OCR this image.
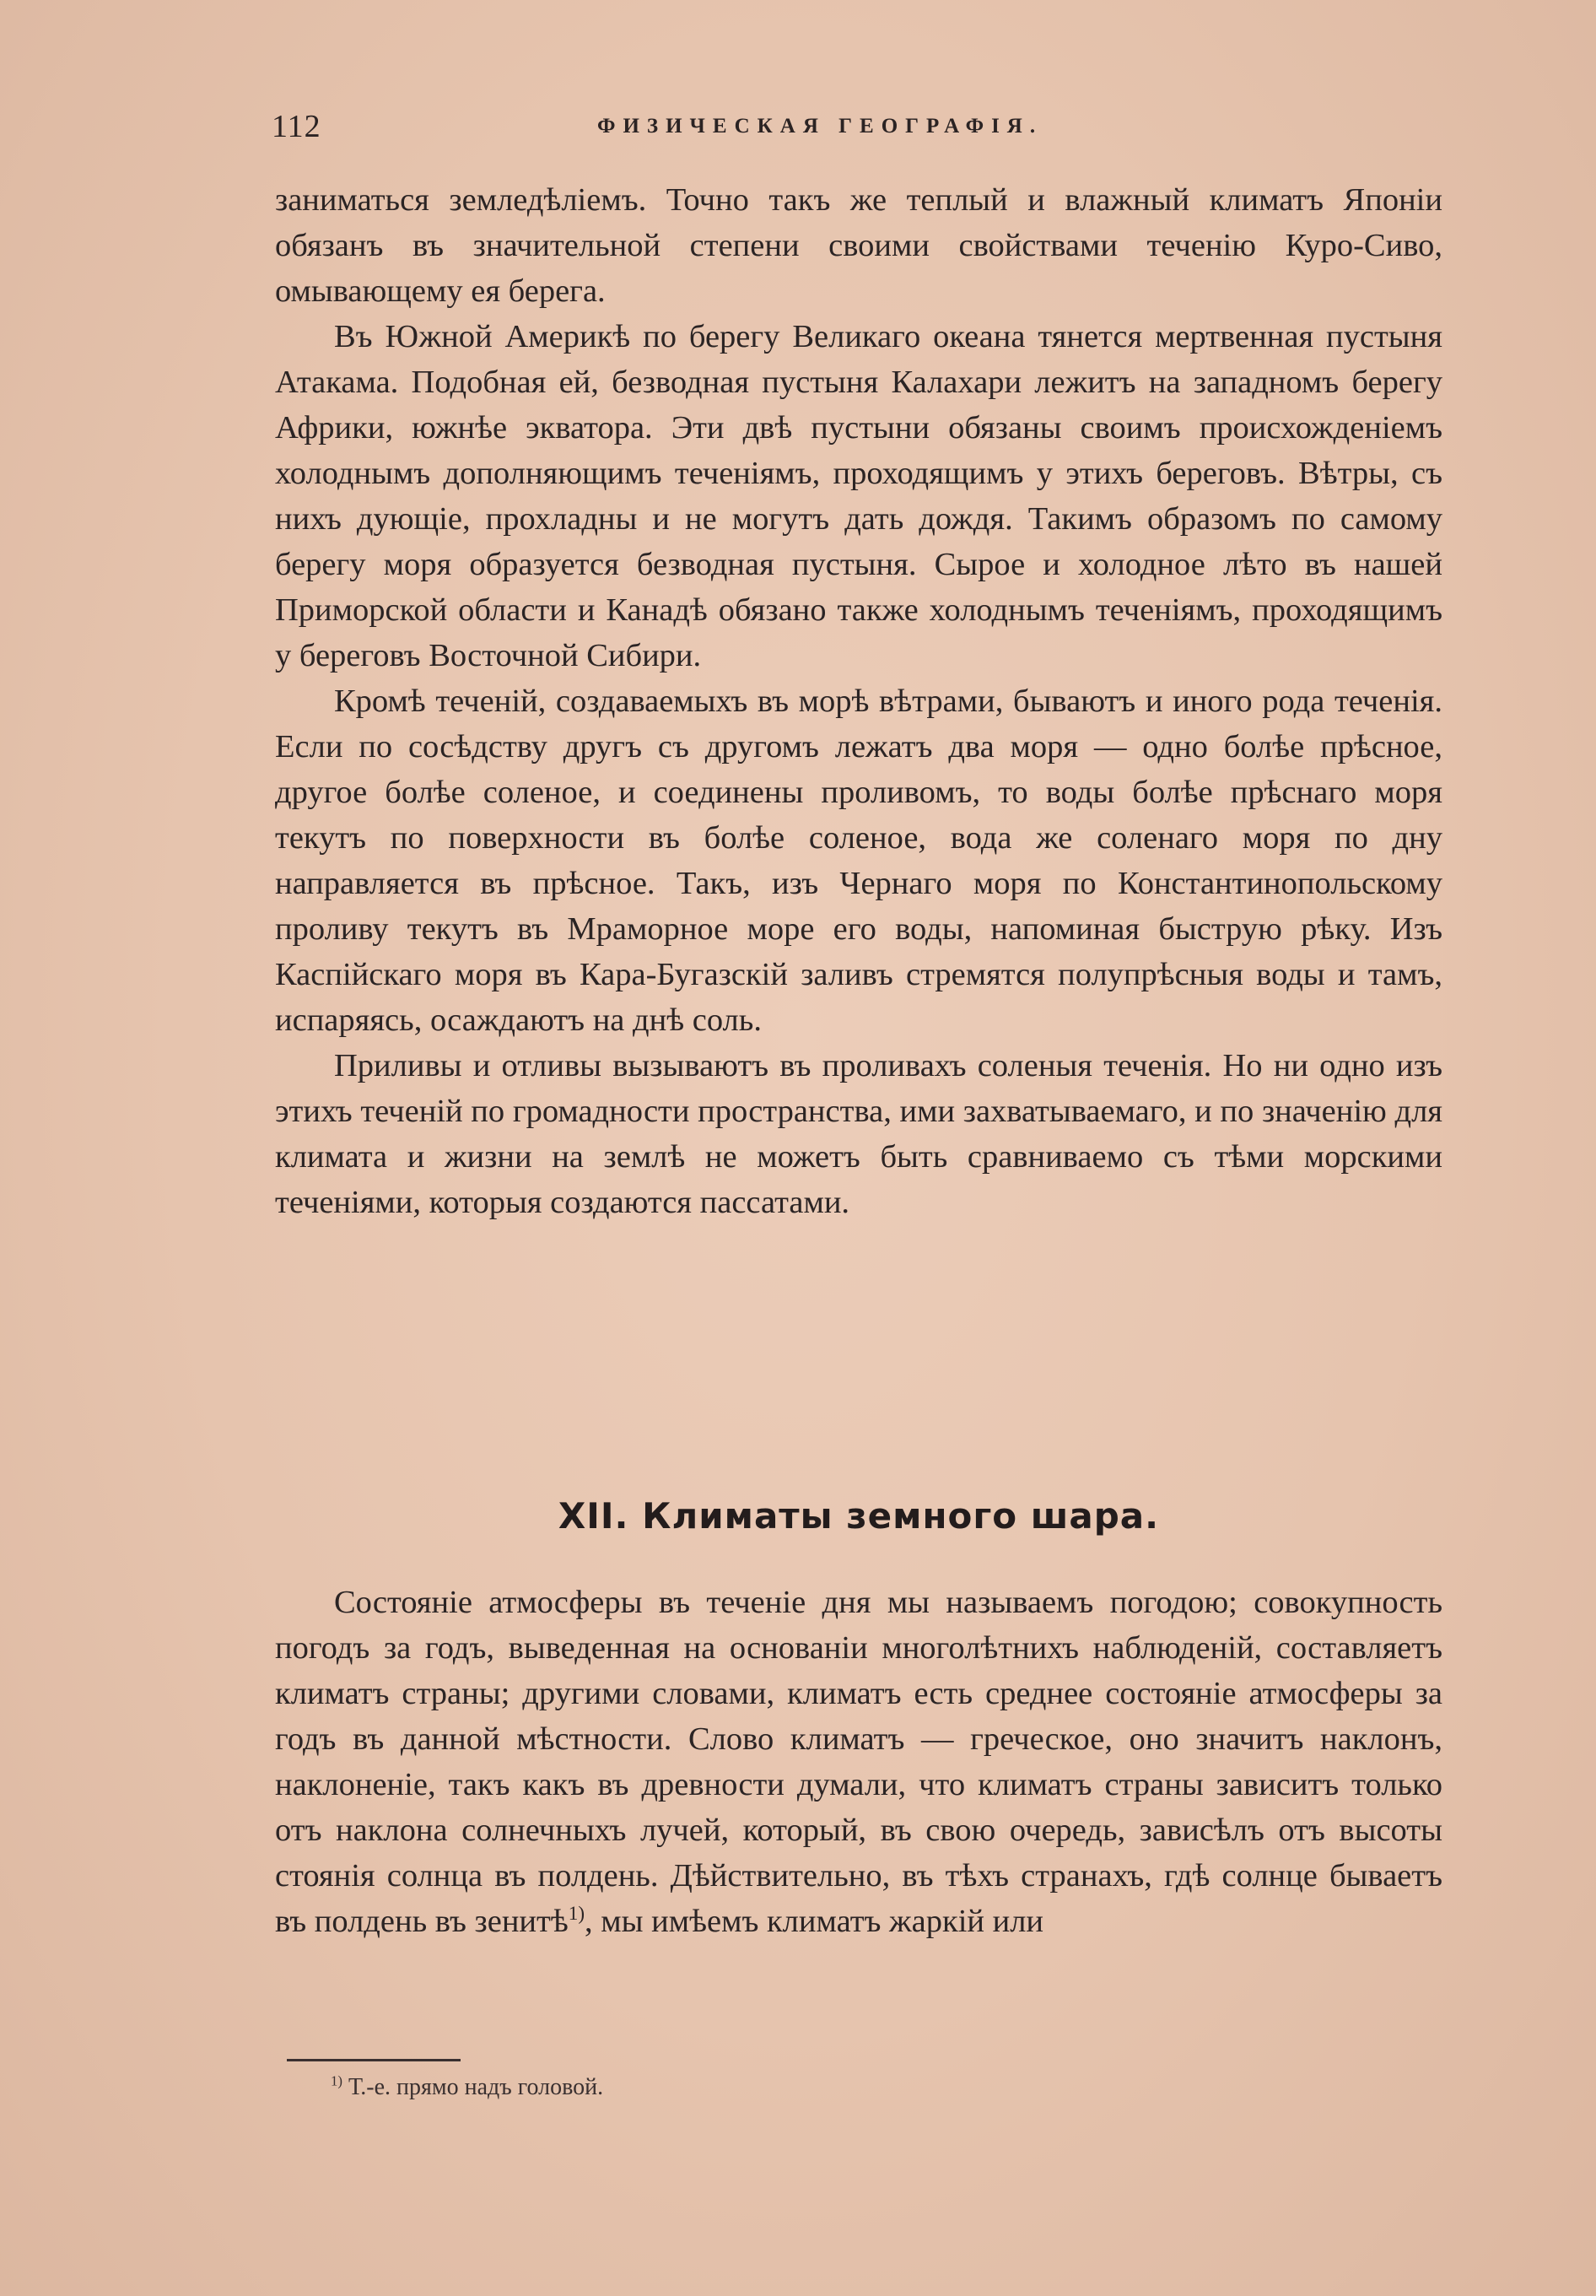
112	ФИЗИЧЕСКАЯ ГЕОГРАФІЯ.

заниматься земледѣліемъ. Точно такъ же теплый и влажный климатъ Японіи обязанъ въ значительной степени своими свойствами теченію Куро-Сиво, омывающему ея берега.

Въ Южной Америкѣ по берегу Великаго океана тянется мертвенная пустыня Атакама. Подобная ей, безводная пустыня Калахари лежитъ на западномъ берегу Африки, южнѣе экватора. Эти двѣ пустыни обязаны своимъ происхожденіемъ холоднымъ дополняющимъ теченіямъ, проходящимъ у этихъ береговъ. Вѣтры, съ нихъ дующіе, прохладны и не могутъ дать дождя. Такимъ образомъ по самому берегу моря образуется безводная пустыня. Сырое и холодное лѣто въ нашей Приморской области и Канадѣ обязано также холоднымъ теченіямъ, проходящимъ у береговъ Восточной Сибири.

Кромѣ теченій, создаваемыхъ въ морѣ вѣтрами, бываютъ и иного рода теченія. Если по сосѣдству другъ съ другомъ лежатъ два моря — одно болѣе прѣсное, другое болѣе соленое, и соединены проливомъ, то воды болѣе прѣснаго моря текутъ по поверхности въ болѣе соленое, вода же соленаго моря по дну направляется въ прѣсное. Такъ, изъ Чернаго моря по Константинопольскому проливу текутъ въ Мраморное море его воды, напоминая быструю рѣку. Изъ Каспійскаго моря въ Кара-Бугазскій заливъ стремятся полупрѣсныя воды и тамъ, испаряясь, осаждаютъ на днѣ соль.

Приливы и отливы вызываютъ въ проливахъ соленыя теченія. Но ни одно изъ этихъ теченій по громадности пространства, ими захватываемаго, и по значенію для климата и жизни на землѣ не можетъ быть сравниваемо съ тѣми морскими теченіями, которыя создаются пассатами.

XII. Климаты земного шара.

Состояніе атмосферы въ теченіе дня мы называемъ погодою; совокупность погодъ за годъ, выведенная на основаніи многолѣтнихъ наблюденій, составляетъ климатъ страны; другими словами, климатъ есть среднее состояніе атмосферы за годъ въ данной мѣстности. Слово климатъ — греческое, оно значитъ наклонъ, наклоненіе, такъ какъ въ древности думали, что климатъ страны зависитъ только отъ наклона солнечныхъ лучей, который, въ свою очередь, зависѣлъ отъ высоты стоянія солнца въ полдень. Дѣйствительно, въ тѣхъ странахъ, гдѣ солнце бываетъ въ полдень въ зенитѣ$^{1)}$, мы имѣемъ климатъ жаркій или

$^{1)}$ Т.-е. прямо надъ головой.
